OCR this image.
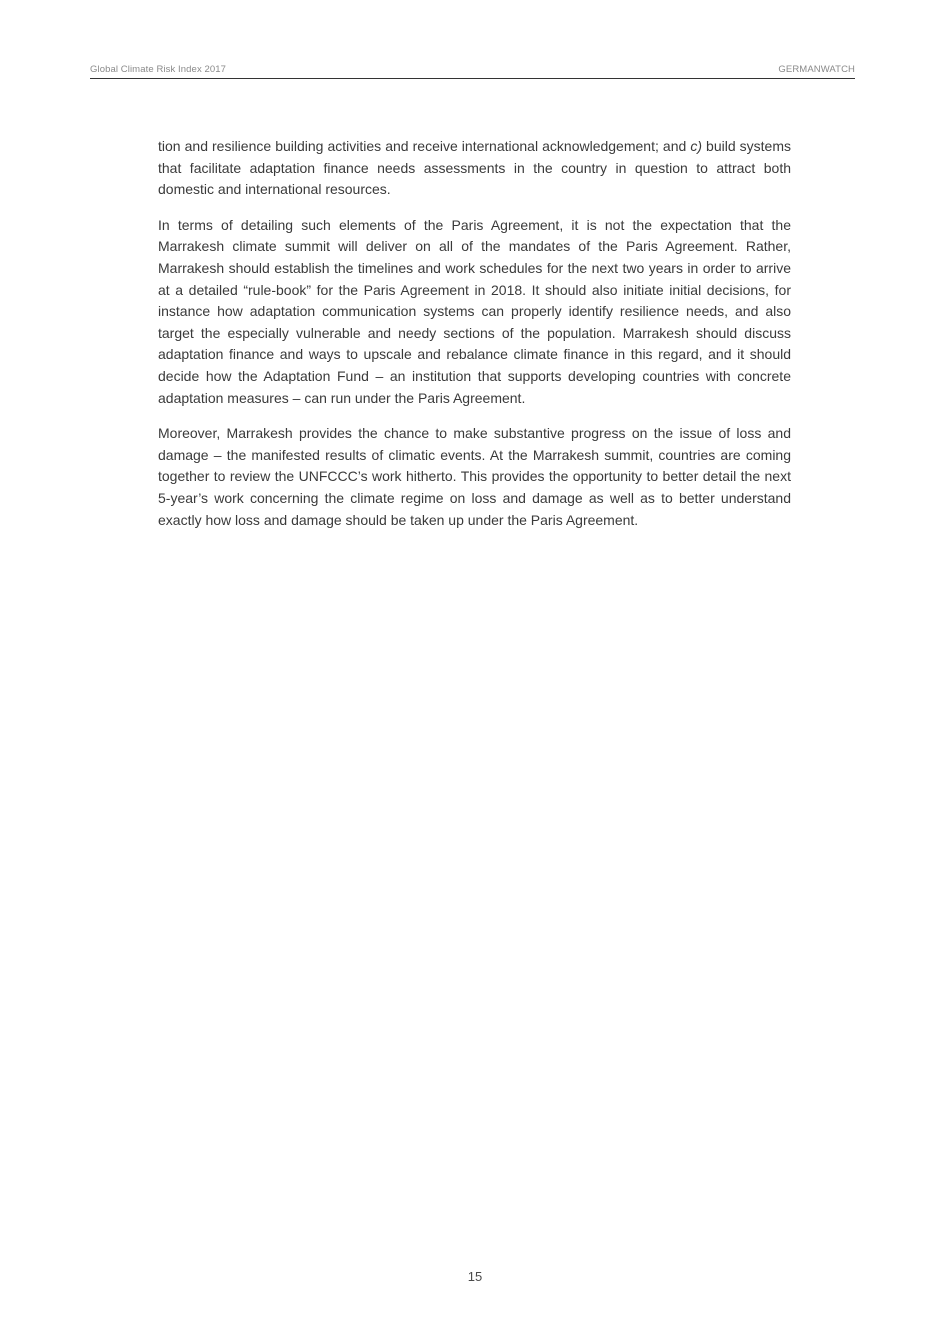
Global Climate Risk Index 2017	GERMANWATCH

tion and resilience building activities and receive international acknowledgement; and c) build systems that facilitate adaptation finance needs assessments in the country in question to attract both domestic and international resources.

In terms of detailing such elements of the Paris Agreement, it is not the expectation that the Marrakesh climate summit will deliver on all of the mandates of the Paris Agreement. Rather, Marrakesh should establish the timelines and work schedules for the next two years in order to arrive at a detailed “rule-book” for the Paris Agreement in 2018. It should also initiate initial decisions, for instance how adaptation communication systems can properly identify resilience needs, and also target the especially vulnerable and needy sections of the population. Marrakesh should discuss adaptation finance and ways to upscale and rebalance climate finance in this regard, and it should decide how the Adaptation Fund – an institution that supports developing countries with concrete adaptation measures – can run under the Paris Agreement.

Moreover, Marrakesh provides the chance to make substantive progress on the issue of loss and damage – the manifested results of climatic events. At the Marrakesh summit, countries are coming together to review the UNFCCC’s work hitherto. This provides the opportunity to better detail the next 5-year’s work concerning the climate regime on loss and damage as well as to better understand exactly how loss and damage should be taken up under the Paris Agreement.

15
